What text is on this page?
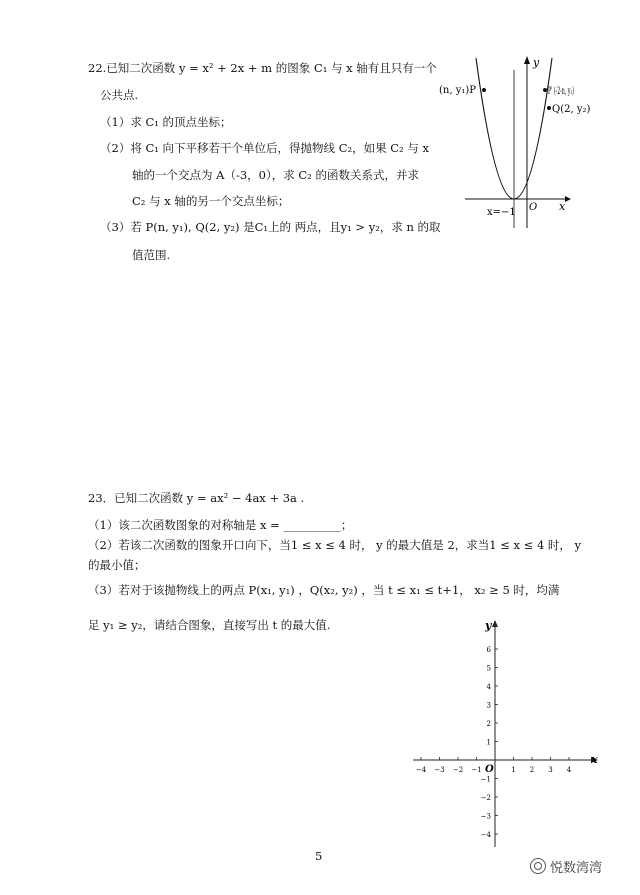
22.已知二次函数 y = x² + 2x + m 的图象 C₁ 与 x 轴有且只有一个
公共点.
（1）求 C₁ 的顶点坐标；
（2）将 C₁ 向下平移若干个单位后，得抛物线 C₂，如果 C₂ 与 x
轴的一个交点为 A（-3，0），求 C₂ 的函数关系式，并求
C₂ 与 x 轴的另一个交点坐标；
（3）若 P(n, y₁), Q(2, y₂) 是C₁上的 两点，且y₁ > y₂，求 n 的取
值范围.
y
x
O
x=−1
(n, y₁)P	P' (-2-n, y₁)
Q(2, y₂)
23．已知二次函数 y = ax² − 4ax + 3a .
（1）该二次函数图象的对称轴是 x = __________；
（2）若该二次函数的图象开口向下，当1 ≤ x ≤ 4 时， y 的最大值是 2，求当1 ≤ x ≤ 4 时， y
的最小值；
（3）若对于该抛物线上的两点 P(x₁, y₁) ，Q(x₂, y₂) ，当 t ≤ x₁ ≤ t+1， x₂ ≥ 5 时，均满
足 y₁ ≥ y₂，请结合图象，直接写出 t 的最大值.
−4 −3 −2 −1	1 2 3 4
6
5
4
3
2
1
−1
−2
−3
−4
y
x
O
5
悦数湾湾
